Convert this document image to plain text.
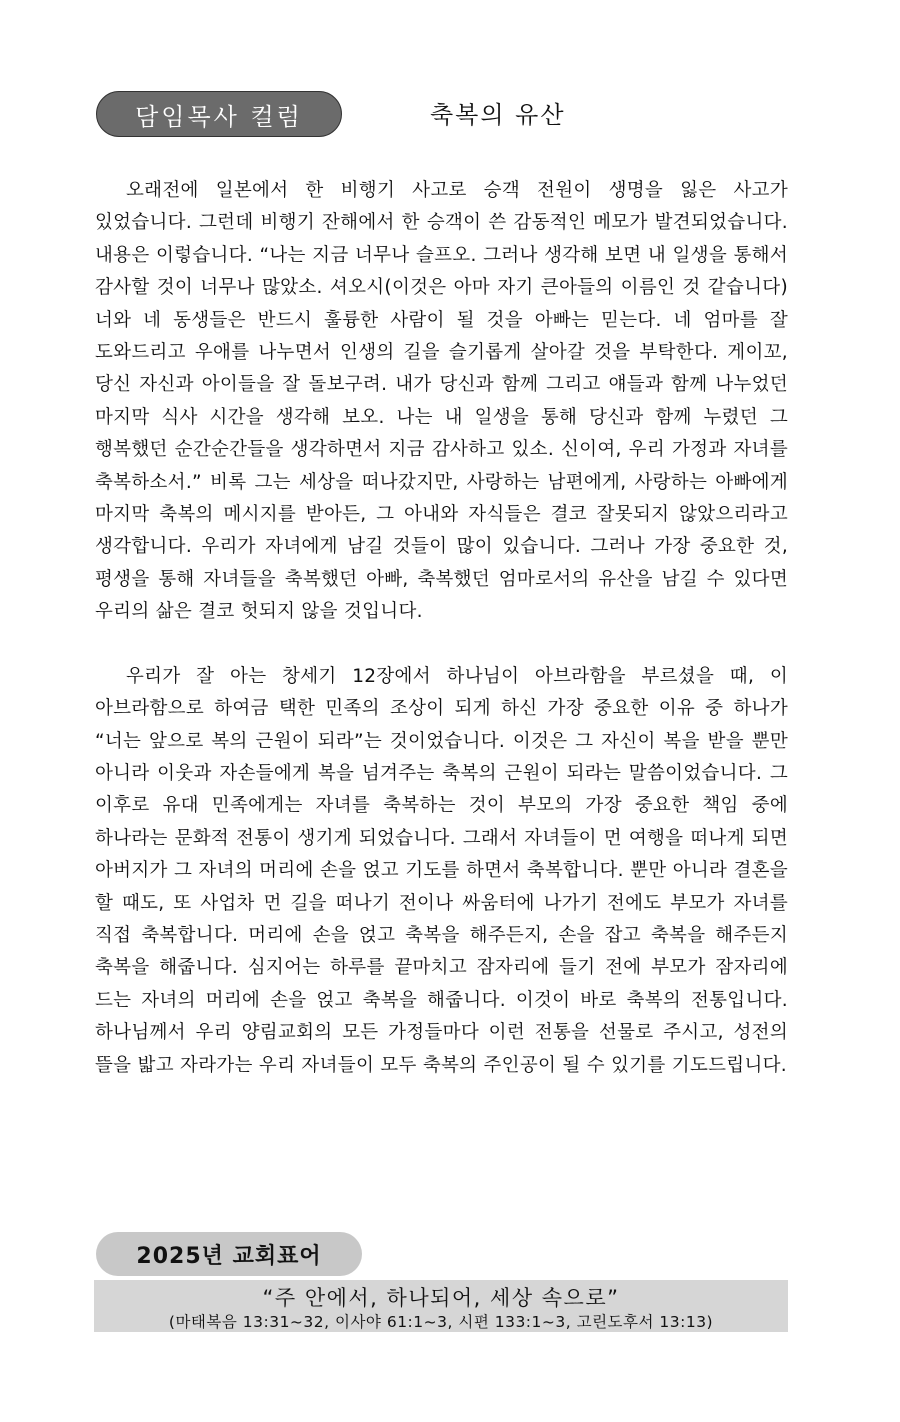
담임목사 컬럼	축복의 유산

오래전에 일본에서 한 비행기 사고로 승객 전원이 생명을 잃은 사고가 있었습니다. 그런데 비행기 잔해에서 한 승객이 쓴 감동적인 메모가 발견되었습니다. 내용은 이렇습니다. “나는 지금 너무나 슬프오. 그러나 생각해 보면 내 일생을 통해서 감사할 것이 너무나 많았소. 셔오시(이것은 아마 자기 큰아들의 이름인 것 같습니다) 너와 네 동생들은 반드시 훌륭한 사람이 될 것을 아빠는 믿는다. 네 엄마를 잘 도와드리고 우애를 나누면서 인생의 길을 슬기롭게 살아갈 것을 부탁한다. 게이꼬, 당신 자신과 아이들을 잘 돌보구려. 내가 당신과 함께 그리고 얘들과 함께 나누었던 마지막 식사 시간을 생각해 보오. 나는 내 일생을 통해 당신과 함께 누렸던 그 행복했던 순간순간들을 생각하면서 지금 감사하고 있소. 신이여, 우리 가정과 자녀를 축복하소서.” 비록 그는 세상을 떠나갔지만, 사랑하는 남편에게, 사랑하는 아빠에게 마지막 축복의 메시지를 받아든, 그 아내와 자식들은 결코 잘못되지 않았으리라고 생각합니다. 우리가 자녀에게 남길 것들이 많이 있습니다. 그러나 가장 중요한 것, 평생을 통해 자녀들을 축복했던 아빠, 축복했던 엄마로서의 유산을 남길 수 있다면 우리의 삶은 결코 헛되지 않을 것입니다.

우리가 잘 아는 창세기 12장에서 하나님이 아브라함을 부르셨을 때, 이 아브라함으로 하여금 택한 민족의 조상이 되게 하신 가장 중요한 이유 중 하나가 “너는 앞으로 복의 근원이 되라”는 것이었습니다. 이것은 그 자신이 복을 받을 뿐만 아니라 이웃과 자손들에게 복을 넘겨주는 축복의 근원이 되라는 말씀이었습니다. 그 이후로 유대 민족에게는 자녀를 축복하는 것이 부모의 가장 중요한 책임 중에 하나라는 문화적 전통이 생기게 되었습니다. 그래서 자녀들이 먼 여행을 떠나게 되면 아버지가 그 자녀의 머리에 손을 얹고 기도를 하면서 축복합니다. 뿐만 아니라 결혼을 할 때도, 또 사업차 먼 길을 떠나기 전이나 싸움터에 나가기 전에도 부모가 자녀를 직접 축복합니다. 머리에 손을 얹고 축복을 해주든지, 손을 잡고 축복을 해주든지 축복을 해줍니다. 심지어는 하루를 끝마치고 잠자리에 들기 전에 부모가 잠자리에 드는 자녀의 머리에 손을 얹고 축복을 해줍니다. 이것이 바로 축복의 전통입니다. 하나님께서 우리 양림교회의 모든 가정들마다 이런 전통을 선물로 주시고, 성전의 뜰을 밟고 자라가는 우리 자녀들이 모두 축복의 주인공이 될 수 있기를 기도드립니다.

2025년 교회표어
“주 안에서, 하나되어, 세상 속으로”
(마태복음 13:31~32, 이사야 61:1~3, 시편 133:1~3, 고린도후서 13:13)
